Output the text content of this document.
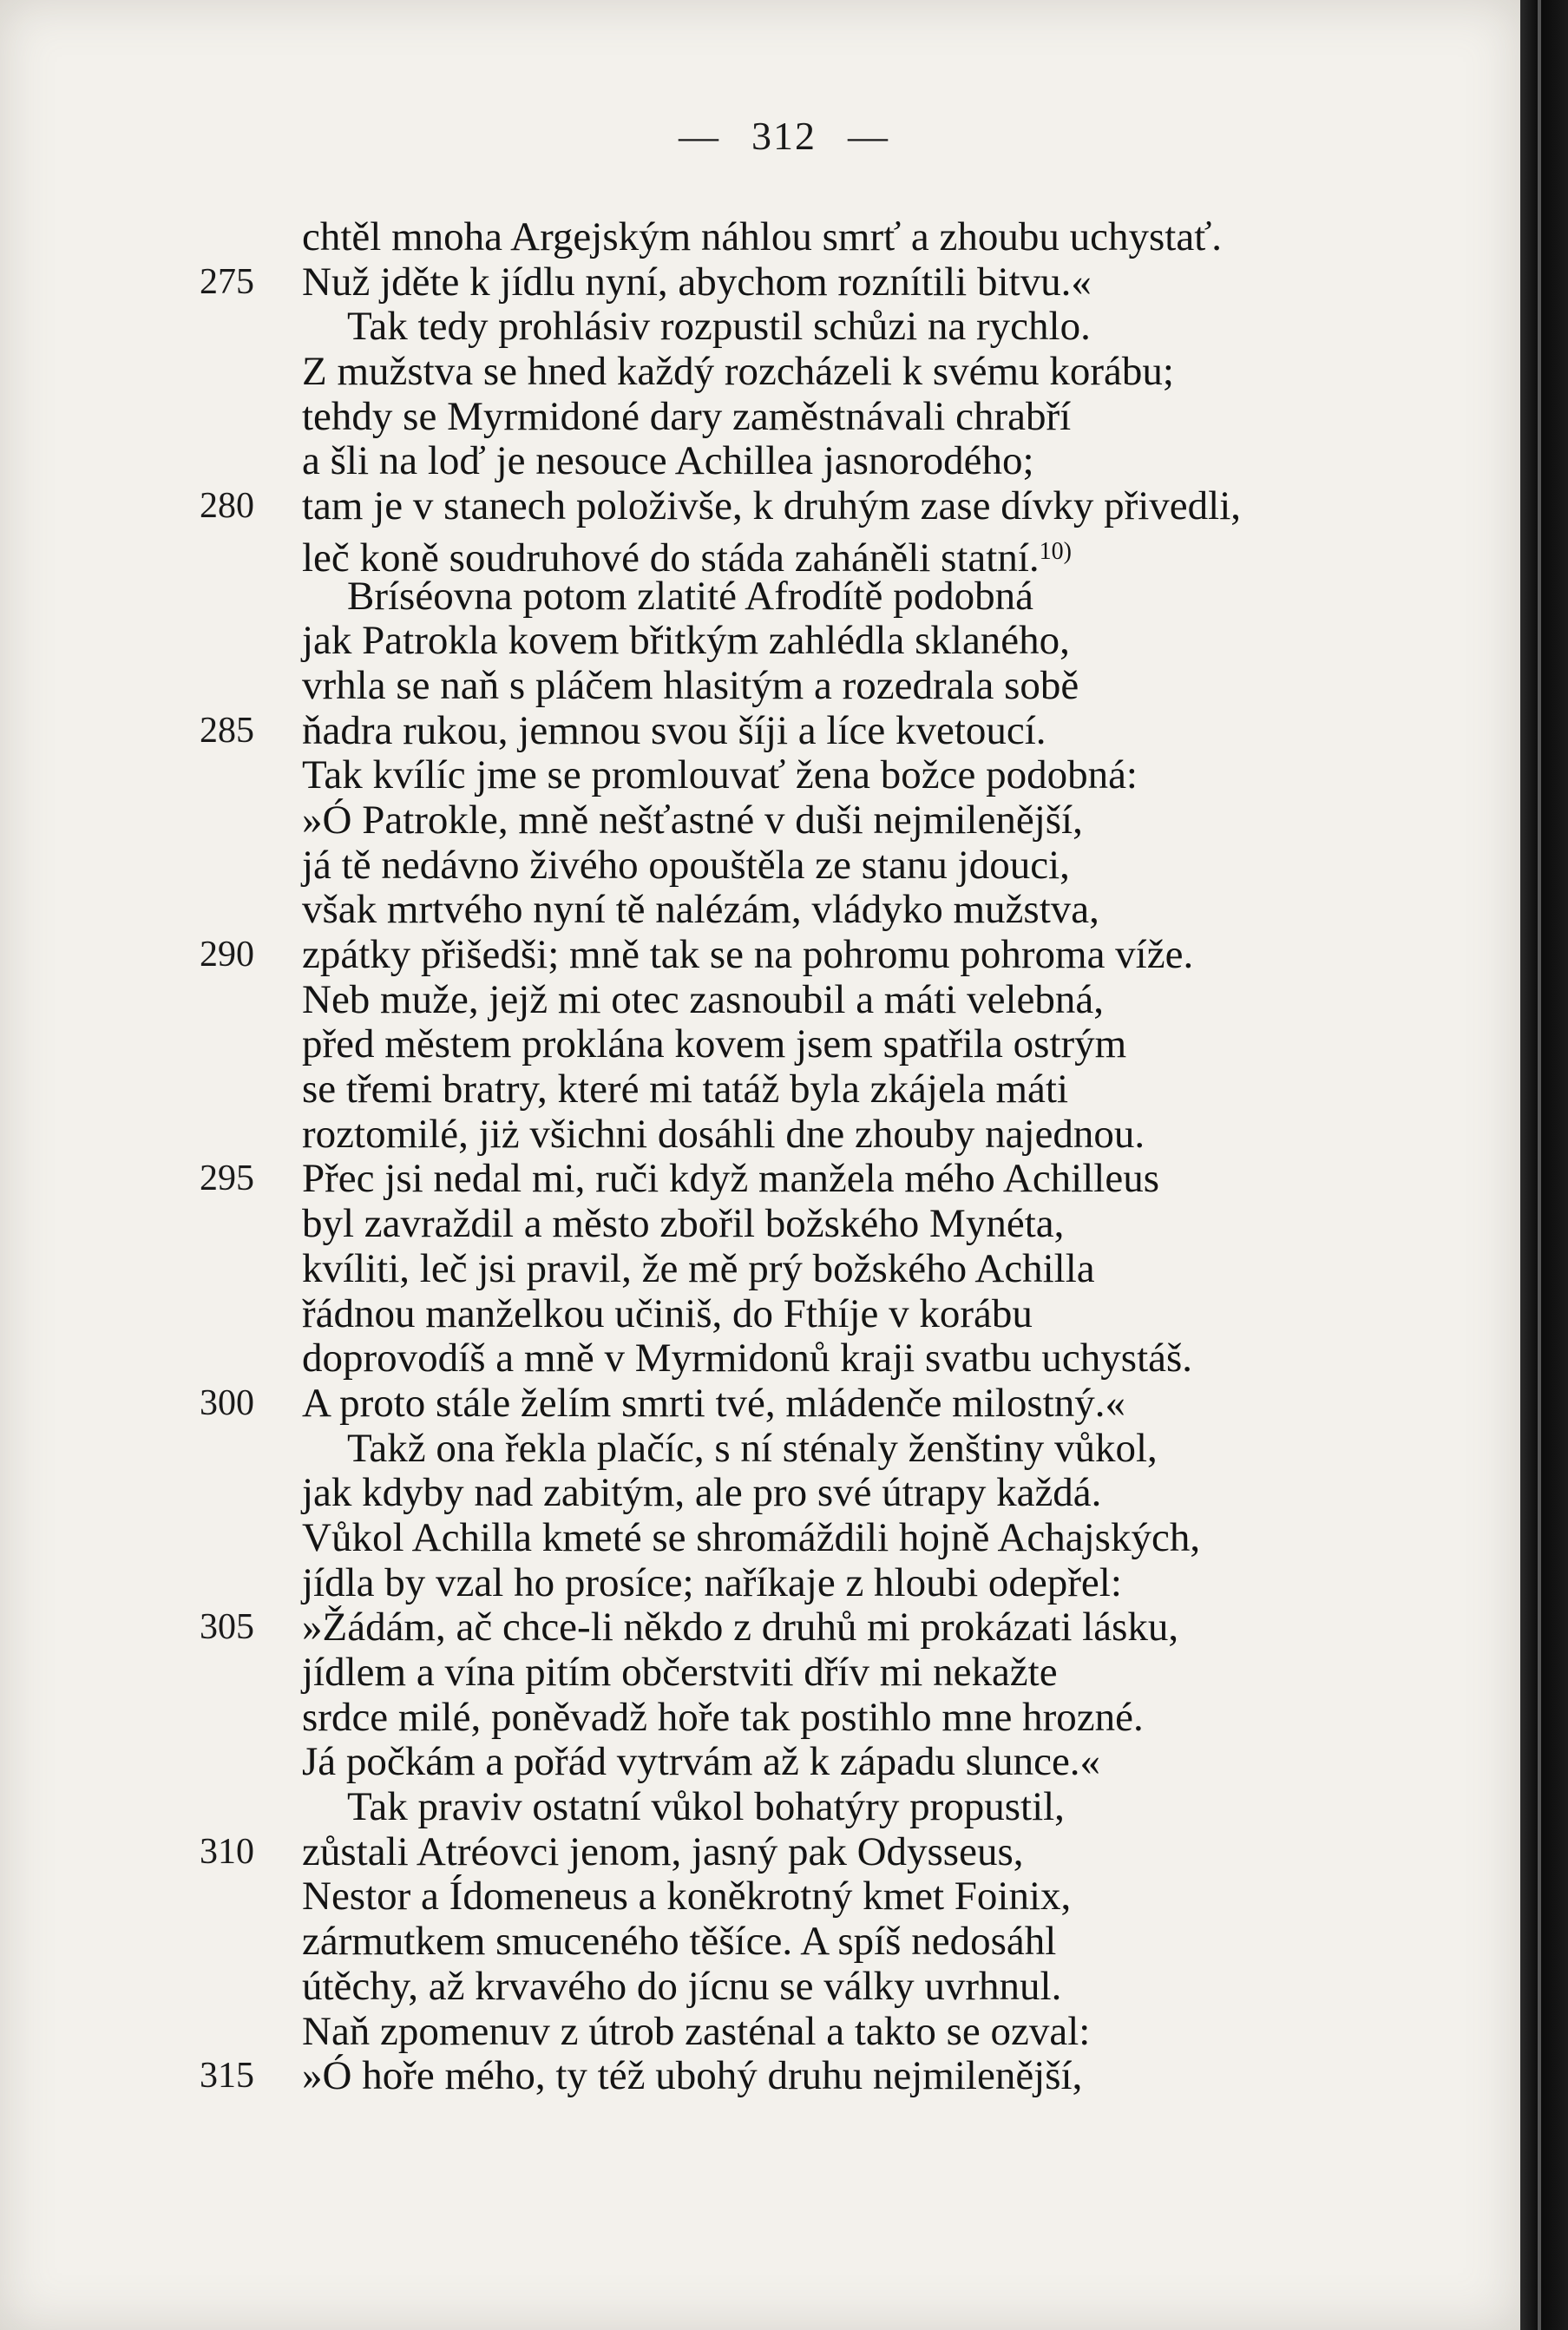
— 312 —
chtěl mnoha Argejským náhlou smrť a zhoubu uchystať.
275	Nuž jděte k jídlu nyní, abychom roznítili bitvu.«
Tak tedy prohlásiv rozpustil schůzi na rychlo.
Z mužstva se hned každý rozcházeli k svému korábu;
tehdy se Myrmidoné dary zaměstnávali chrabří
a šli na loď je nesouce Achillea jasnorodého;
280	tam je v stanech položivše, k druhým zase dívky přivedli,
leč koně soudruhové do stáda zaháněli statní.$^{10)}$
Bríséovna potom zlatité Afrodítě podobná
jak Patrokla kovem břitkým zahlédla sklaného,
vrhla se naň s pláčem hlasitým a rozedrala sobě
285	ňadra rukou, jemnou svou šíji a líce kvetoucí.
Tak kvílíc jme se promlouvať žena božce podobná:
»Ó Patrokle, mně nešťastné v duši nejmilenější,
já tě nedávno živého opouštěla ze stanu jdouci,
však mrtvého nyní tě nalézám, vládyko mužstva,
290	zpátky přišedši; mně tak se na pohromu pohroma víže.
Neb muže, jejž mi otec zasnoubil a máti velebná,
před městem proklána kovem jsem spatřila ostrým
se třemi bratry, které mi tatáž byla zkájela máti
roztomilé, jiż všichni dosáhli dne zhouby najednou.
295	Přec jsi nedal mi, ruči když manžela mého Achilleus
byl zavraždil a město zbořil božského Mynéta,
kvíliti, leč jsi pravil, že mě prý božského Achilla
řádnou manželkou učiniš, do Fthíje v korábu
doprovodíš a mně v Myrmidonů kraji svatbu uchystáš.
300	A proto stále želím smrti tvé, mládenče milostný.«
Takž ona řekla plačíc, s ní sténaly ženštiny vůkol,
jak kdyby nad zabitým, ale pro své útrapy každá.
Vůkol Achilla kmeté se shromáždili hojně Achajských,
jídla by vzal ho prosíce; naříkaje z hloubi odepřel:
305	»Žádám, ač chce-li někdo z druhů mi prokázati lásku,
jídlem a vína pitím občerstviti dřív mi nekažte
srdce milé, poněvadž hoře tak postihlo mne hrozné.
Já počkám a pořád vytrvám až k západu slunce.«
Tak praviv ostatní vůkol bohatýry propustil,
310	zůstali Atréovci jenom, jasný pak Odysseus,
Nestor a Ídomeneus a koněkrotný kmet Foinix,
zármutkem smuceného těšíce. A spíš nedosáhl
útěchy, až krvavého do jícnu se války uvrhnul.
Naň zpomenuv z útrob zasténal a takto se ozval:
315	»Ó hoře mého, ty též ubohý druhu nejmilenější,
